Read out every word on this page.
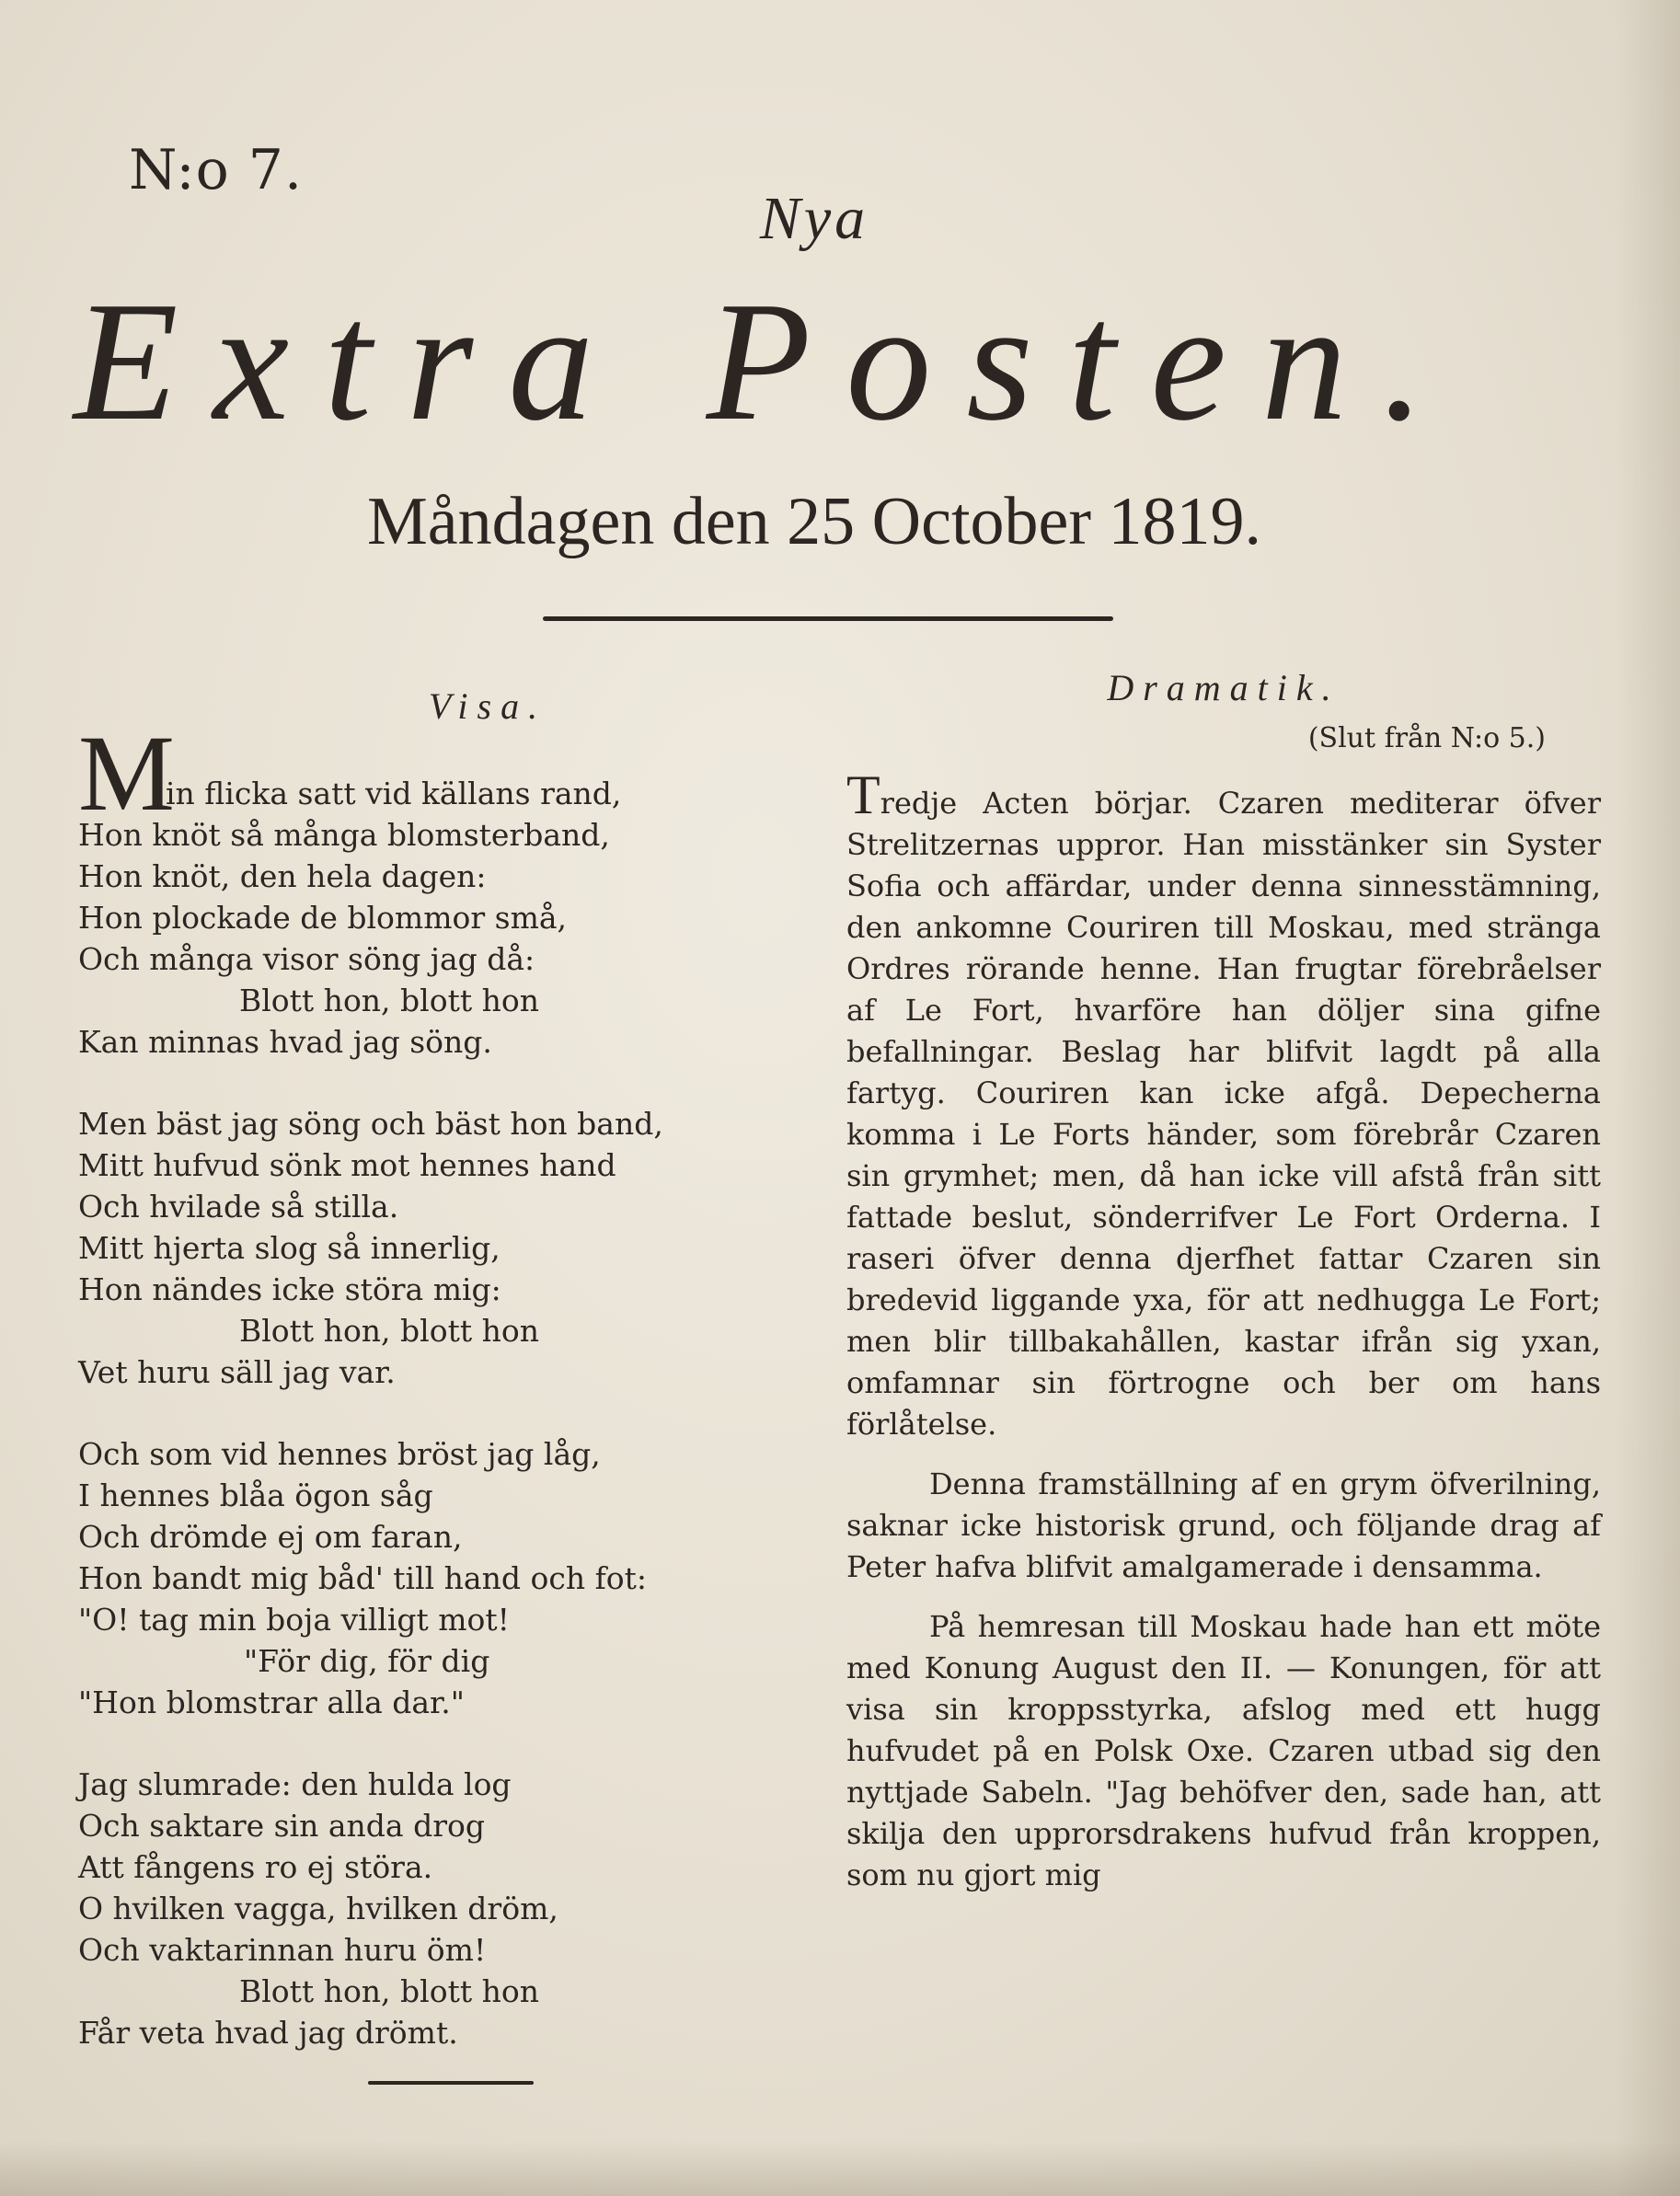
N:o 7.
Nya
Extra Posten.
Måndagen den 25 October 1819.
Visa.
M
in flicka satt vid källans rand,
Hon knöt så många blomsterband,
Hon knöt, den hela dagen:
Hon plockade de blommor små,
Och många visor söng jag då:
Blott hon, blott hon
Kan minnas hvad jag söng.
Men bäst jag söng och bäst hon band,
Mitt hufvud sönk mot hennes hand
Och hvilade så stilla.
Mitt hjerta slog så innerlig,
Hon nändes icke störa mig:
Blott hon, blott hon
Vet huru säll jag var.
Och som vid hennes bröst jag låg,
I hennes blåa ögon såg
Och drömde ej om faran,
Hon bandt mig båd' till hand och fot:
"O! tag min boja villigt mot!
"För dig, för dig
"Hon blomstrar alla dar."
Jag slumrade: den hulda log
Och saktare sin anda drog
Att fångens ro ej störa.
O hvilken vagga, hvilken dröm,
Och vaktarinnan huru öm!
Blott hon, blott hon
Får veta hvad jag drömt.
Dramatik.
(Slut från N:o 5.)

Tredje Acten börjar. Czaren mediterar öfver Strelitzernas uppror. Han misstänker sin Syster Sofia och affärdar, under denna sinnesstämning, den ankomne Couriren till Moskau, med stränga Ordres rörande henne. Han frugtar förebråelser af Le Fort, hvarföre han döljer sina gifne befallningar. Beslag har blifvit lagdt på alla fartyg. Couriren kan icke afgå. Depecherna komma i Le Forts händer, som förebrår Czaren sin grymhet; men, då han icke vill afstå från sitt fattade beslut, sönderrifver Le Fort Orderna. I raseri öfver denna djerfhet fattar Czaren sin bredevid liggande yxa, för att nedhugga Le Fort; men blir tillbakahållen, kastar ifrån sig yxan, omfamnar sin förtrogne och ber om hans förlåtelse.

Denna framställning af en grym öfverilning, saknar icke historisk grund, och följande drag af Peter hafva blifvit amalgamerade i densamma.

På hemresan till Moskau hade han ett möte med Konung August den II. — Konungen, för att visa sin kroppsstyrka, afslog med ett hugg hufvudet på en Polsk Oxe. Czaren utbad sig den nyttjade Sabeln. "Jag behöfver den, sade han, att skilja den upprorsdrakens hufvud från kroppen, som nu gjort mig
